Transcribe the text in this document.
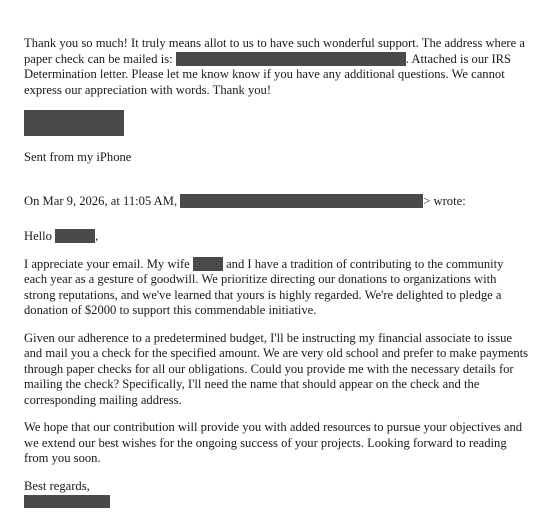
Thank you so much! It truly means allot to us to have such wonderful support. The address where a paper check can be mailed is:	. Attached is our IRS Determination letter. Please let me know know if you have any additional questions. We cannot express our appreciation with words. Thank you!

Sent from my iPhone

On Mar 9, 2026, at 11:05 AM,	> wrote:

Hello	,

I appreciate your email. My wife	and I have a tradition of contributing to the community each year as a gesture of goodwill. We prioritize directing our donations to organizations with strong reputations, and we've learned that yours is highly regarded. We're delighted to pledge a donation of $2000 to support this commendable initiative.

Given our adherence to a predetermined budget, I'll be instructing my financial associate to issue and mail you a check for the specified amount. We are very old school and prefer to make payments through paper checks for all our obligations. Could you provide me with the necessary details for mailing the check? Specifically, I'll need the name that should appear on the check and the corresponding mailing address.

We hope that our contribution will provide you with added resources to pursue your objectives and we extend our best wishes for the ongoing success of your projects. Looking forward to reading from you soon.

Best regards,
